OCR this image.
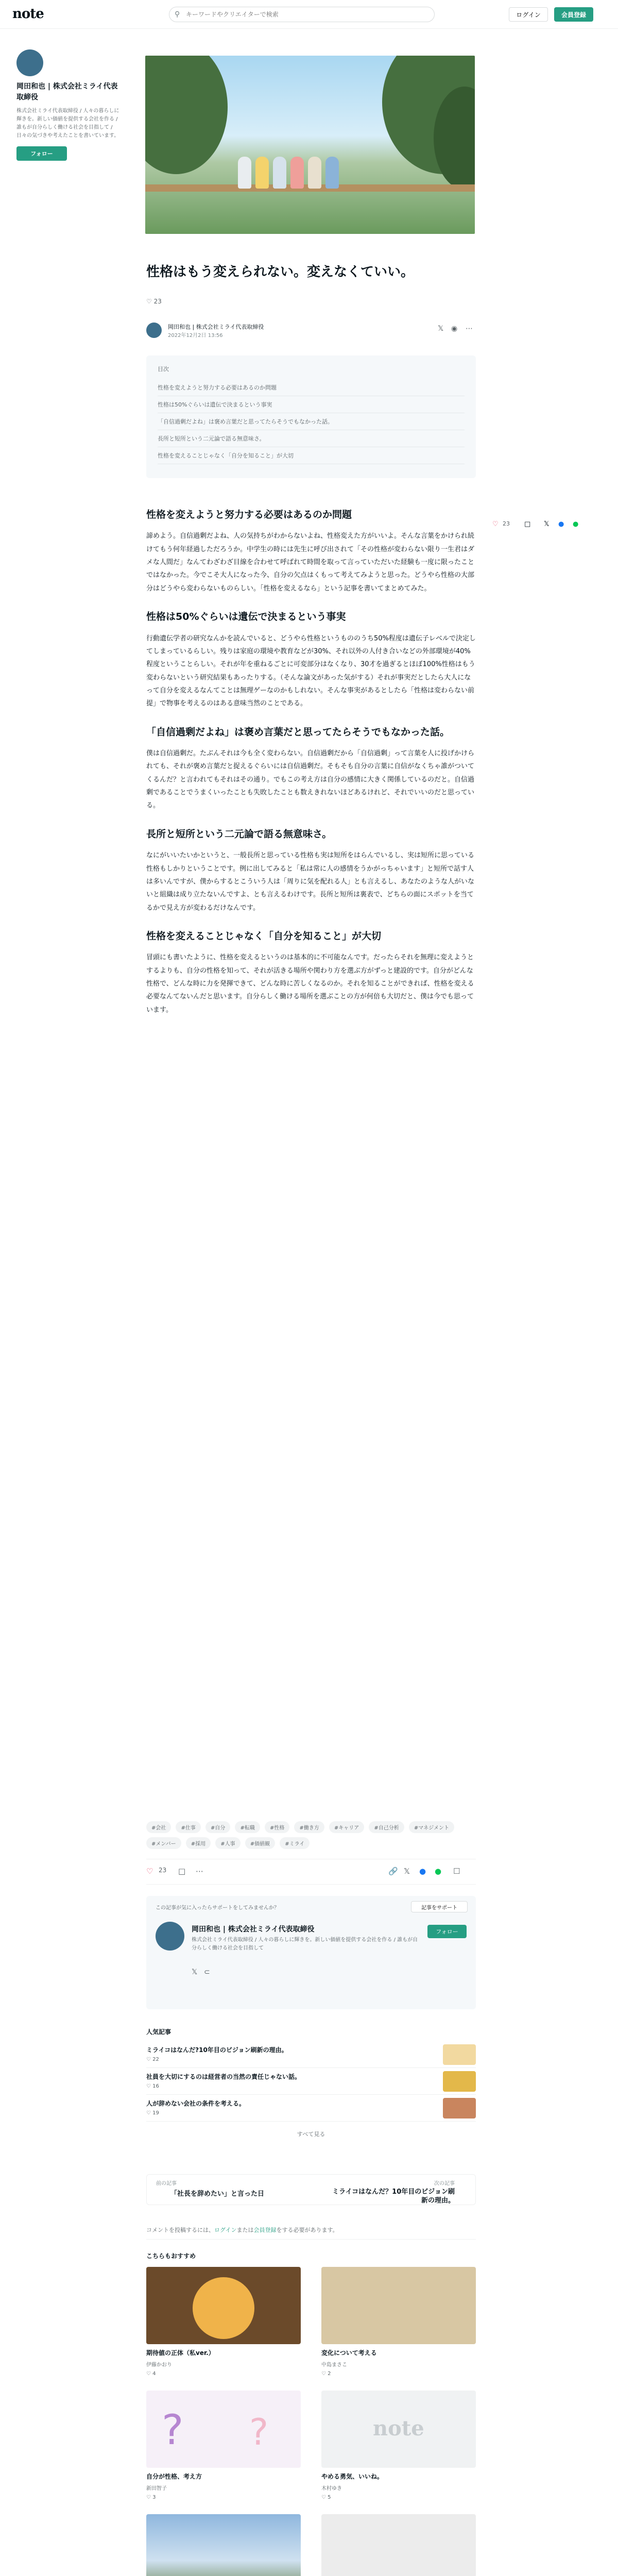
note	⚲
キーワードやクリエイターで検索	ログイン	会員登録
岡田和也 | 株式会社ミライ代表取締役
株式会社ミライ代表取締役 / 人々の暮らしに輝きを。新しい価値を提供する会社を作る / 誰もが自分らしく働ける社会を目指して / 日々の気づきや考えたことを書いています。
フォロー
性格はもう変えられない。変えなくていい。
♡ 23
岡田和也 | 株式会社ミライ代表取締役
2022年12月2日 13:56
𝕏 ◉ ⋯
目次
性格を変えようと努力する必要はあるのか問題
性格は50%ぐらいは遺伝で決まるという事実
「自信過剰だよね」は褒め言葉だと思ってたらそうでもなかった話。
長所と短所という二元論で語る無意味さ。
性格を変えることじゃなく「自分を知ること」が大切
♡ 23 □ 𝕏 ● ●
性格を変えようと努力する必要はあるのか問題

諦めよう。自信過剰だよね、人の気持ちがわからないよね、性格変えた方がいいよ。そんな言葉をかけられ続けてもう何年経過しただろうか。中学生の時には先生に呼び出されて「その性格が変わらない限り一生君はダメな人間だ」なんてわざわざ目線を合わせて呼ばれて時間を取って言っていただいた経験も一度に限ったことではなかった。今でこそ大人になった今、自分の欠点はくもって考えてみようと思った。どうやら性格の大部分はどうやら変わらないものらしい。「性格を変えるなら」という記事を書いてまとめてみた。

性格は50%ぐらいは遺伝で決まるという事実

行動遺伝学者の研究なんかを読んでいると、どうやら性格というもののうち50%程度は遺伝子レベルで決定してしまっているらしい。残りは家庭の環境や教育などが30%、それ以外の人付き合いなどの外部環境が40%程度ということらしい。それが年を重ねるごとに可変部分はなくなり、30才を過ぎるとほぼ100%性格はもう変わらないという研究結果もあったりする。（そんな論文があった気がする）それが事実だとしたら大人になって自分を変えるなんてことは無理ゲーなのかもしれない。そんな事実があるとしたら「性格は変わらない前提」で物事を考えるのはある意味当然のことである。

「自信過剰だよね」は褒め言葉だと思ってたらそうでもなかった話。

僕は自信過剰だ。たぶんそれは今も全く変わらない。自信過剰だから「自信過剰」って言葉を人に投げかけられても、それが褒め言葉だと捉えるぐらいには自信過剰だ。そもそも自分の言葉に自信がなくちゃ誰がついてくるんだ？と言われてもそれはその通り。でもこの考え方は自分の感情に大きく関係しているのだと。自信過剰であることでうまくいったことも失敗したことも数えきれないほどあるけれど、それでいいのだと思っている。

長所と短所という二元論で語る無意味さ。

なにがいいたいかというと、一般長所と思っている性格も実は短所をはらんでいるし、実は短所に思っている性格もしかりということです。例に出してみると「私は常に人の感情をうかがっちゃいます」と短所で話す人は多いんですが、僕からするとこういう人は「周りに気を配れる人」とも言えるし、あなたのような人がいないと組織は成り立たないんですよ、とも言えるわけです。長所と短所は裏表で、どちらの面にスポットを当てるかで見え方が変わるだけなんです。

性格を変えることじゃなく「自分を知ること」が大切

冒頭にも書いたように、性格を変えるというのは基本的に不可能なんです。だったらそれを無理に変えようとするよりも、自分の性格を知って、それが活きる場所や関わり方を選ぶ方がずっと建設的です。自分がどんな性格で、どんな時に力を発揮できて、どんな時に苦しくなるのか。それを知ることができれば、性格を変える必要なんてないんだと思います。自分らしく働ける場所を選ぶことの方が何倍も大切だと、僕は今でも思っています。

#会社	#仕事	#自分	#転職	#性格	#働き方	#キャリア	#自己分析	#マネジメント #メンバー	#採用	#人事	#価値観	#ミライ
♡ 23 □ ⋯	🔗 𝕏 ● ● ☐
この記事が気に入ったらサポートをしてみませんか？	記事をサポート
岡田和也 | 株式会社ミライ代表取締役
株式会社ミライ代表取締役 / 人々の暮らしに輝きを。新しい価値を提供する会社を作る / 誰もが自分らしく働ける社会を目指して
フォロー
𝕏 ⊂
人気記事
ミライコはなんだ?10年目のビジョン刷新の理由。
♡ 22
社員を大切にするのは経営者の当然の責任じゃない話。
♡ 16
人が辞めない会社の条件を考える。
♡ 19
すべて見る
前の記事
「社長を辞めたい」と言った日
次の記事
ミライコはなんだ？10年目のビジョン刷新の理由。
コメントを投稿するには、ログインまたは会員登録をする必要があります。
こちらもおすすめ
期待値の正体（私ver.）
伊藤かおり
♡ 4
変化について考える
中島まさこ
♡ 2
? ?
自分が性格、考え方
新田智子
♡ 3
note
やめる勇気、いいね。
木村ゆき
♡ 5
